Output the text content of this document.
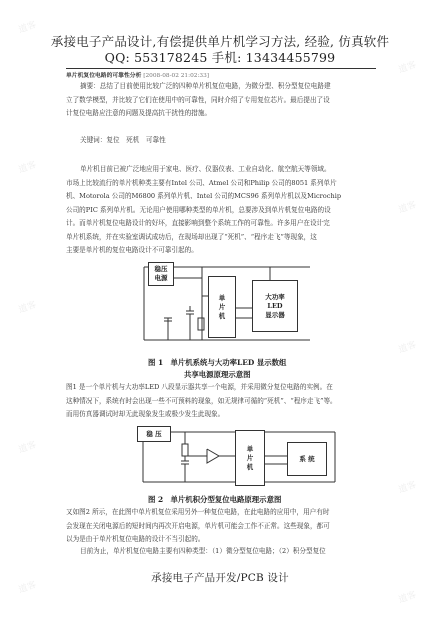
承接电子产品设计,有偿提供单片机学习方法, 经验, 仿真软件
QQ: 553178245 手机: 13434455799
单片机复位电路的可靠性分析 [2008-08-02 21:02:33]
摘要：总结了目前使用比较广泛的四种单片机复位电路，为微分型、积分型复位电路建
立了数学模型，并比较了它们在使用中的可靠性，同时介绍了专用复位芯片。最后提出了设
计复位电路应注意的问题及提高抗干扰性的措施。
关键词：复位　死机　可靠性
单片机目前已被广泛地应用于家电、医疗、仪器仪表、工业自动化、航空航天等领域。
市场上比较流行的单片机种类主要有Intel 公司、Atmel 公司和Philip 公司的8051 系列单片
机、Motorola 公司的M6800 系列单片机、Intel 公司的MCS96 系列单片机以及Microchip
公司的PIC 系列单片机。无论用户使用哪种类型的单片机，总要涉及到单片机复位电路的设
计。而单片机复位电路设计的好坏，直接影响到整个系统工作的可靠性。许多用户在设计完
单片机系统，并在实验室调试成功后，在现场却出现了“死机”、“程序走飞”等现象，这
主要是单片机的复位电路设计不可靠引起的。
稳压
电源
单
片
机
大功率
LED
显示器
图 1　单片机系统与大功率LED 显示数组
共享电源原理示意图
图1 是一个单片机与大功率LED 八段显示器共享一个电源，并采用微分复位电路的实例。在
这种情况下，系统有时会出现一些不可预料的现象，如无规律可循的“死机”、“程序走飞”等。
而用仿真器调试时却无此现象发生或极少发生此现象。
稳 压
单
片
机
系 统
图 2　单片机积分型复位电路原理示意图
又如图2 所示，在此图中单片机复位采用另外一种复位电路，在此电路的应用中，用户有时
会发现在关闭电源后的短时间内再次开启电源，单片机可能会工作不正常。这些现象，都可
以为是由于单片机复位电路的设计不当引起的。
目前为止，单片机复位电路主要有四种类型：（1）微分型复位电路；（2）积分型复位
承接电子产品开发/PCB 设计
道客
道客
道客
道客
道客
道客
道客
道客
道客
道客
